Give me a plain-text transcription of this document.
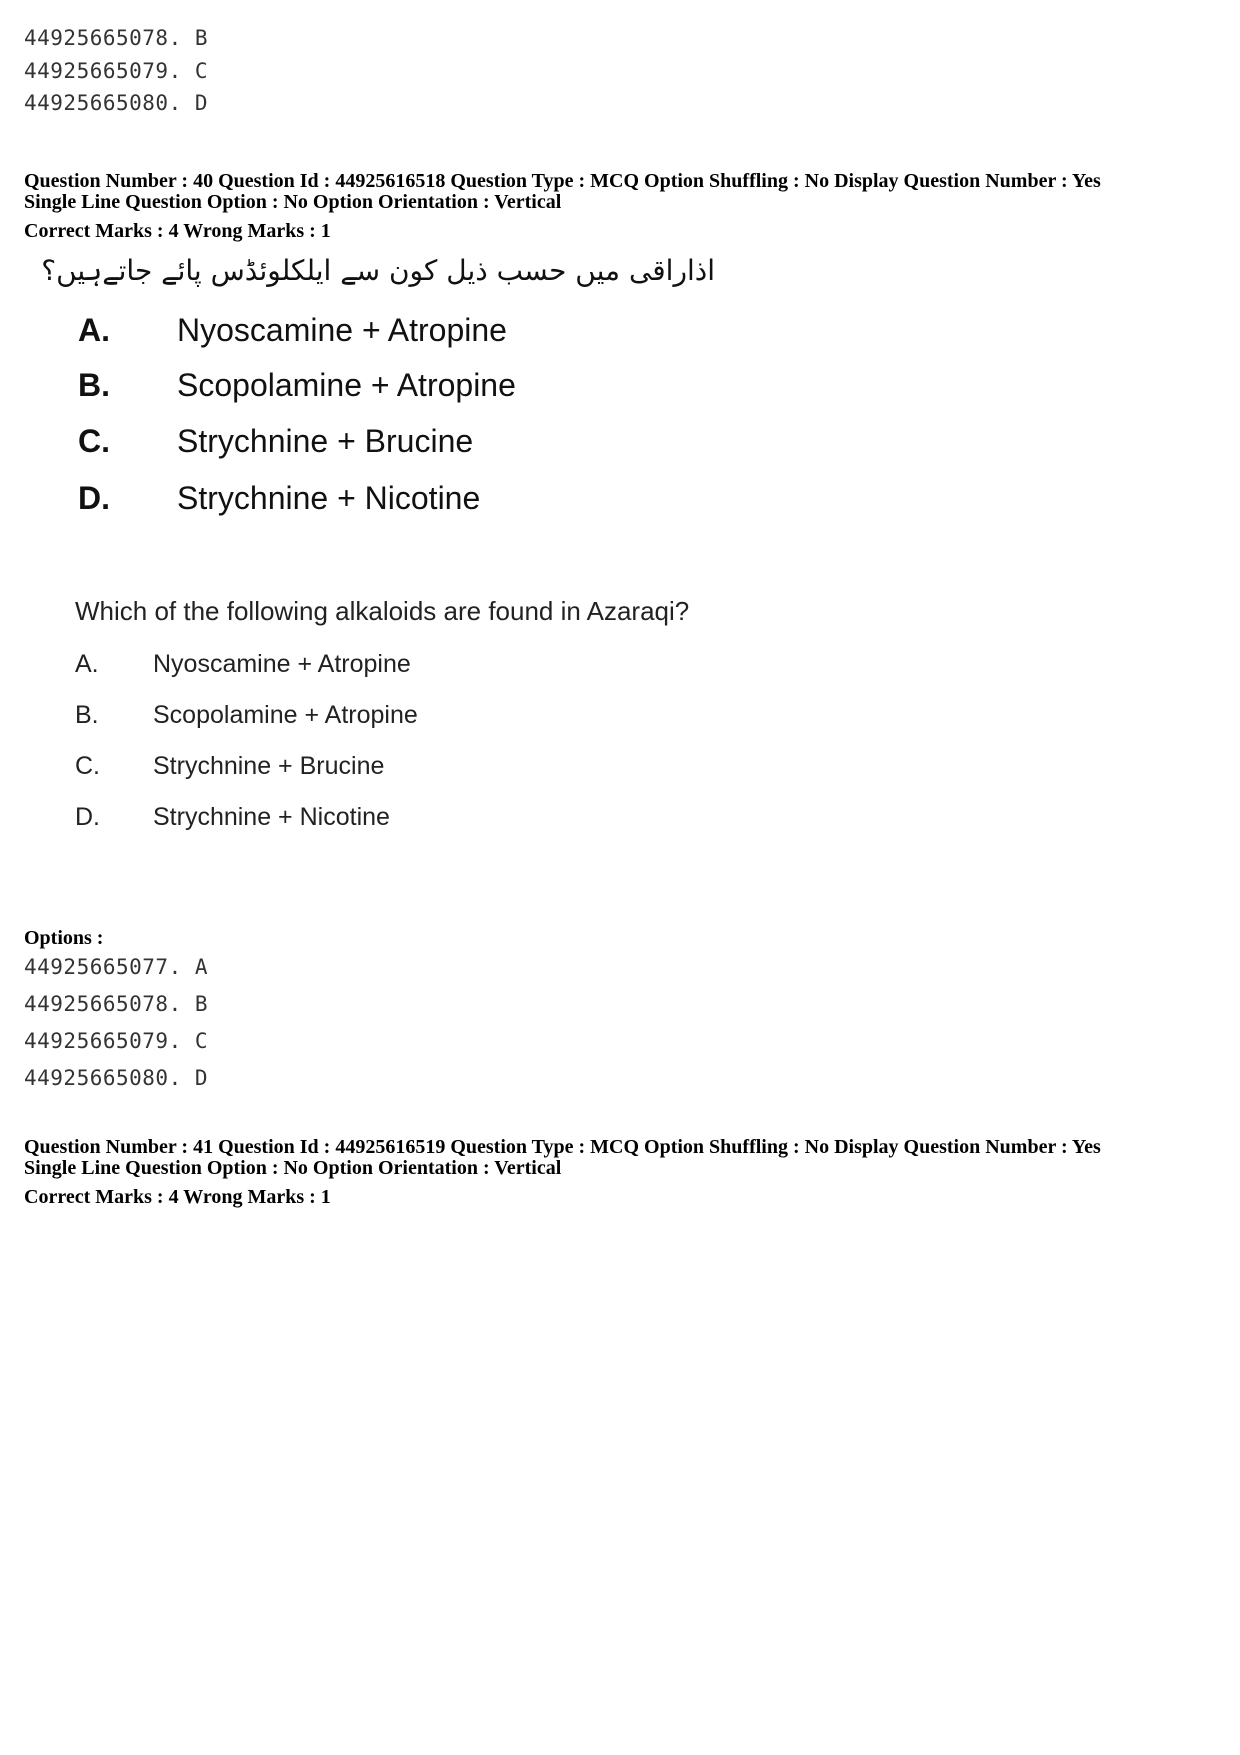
44925665078. B
44925665079. C
44925665080. D
Question Number : 40 Question Id : 44925616518 Question Type : MCQ Option Shuffling : No Display Question Number : Yes
Single Line Question Option : No Option Orientation : Vertical
Correct Marks : 4 Wrong Marks : 1
اذاراقی میں حسب ذیل کون سے ایلکلوئڈس پائے جاتےہیں؟
A. Nyoscamine + Atropine
B. Scopolamine + Atropine
C. Strychnine + Brucine
D. Strychnine + Nicotine
Which of the following alkaloids are found in Azaraqi?
A. Nyoscamine + Atropine
B. Scopolamine + Atropine
C. Strychnine + Brucine
D. Strychnine + Nicotine
Options :
44925665077. A
44925665078. B
44925665079. C
44925665080. D
Question Number : 41 Question Id : 44925616519 Question Type : MCQ Option Shuffling : No Display Question Number : Yes
Single Line Question Option : No Option Orientation : Vertical
Correct Marks : 4 Wrong Marks : 1
